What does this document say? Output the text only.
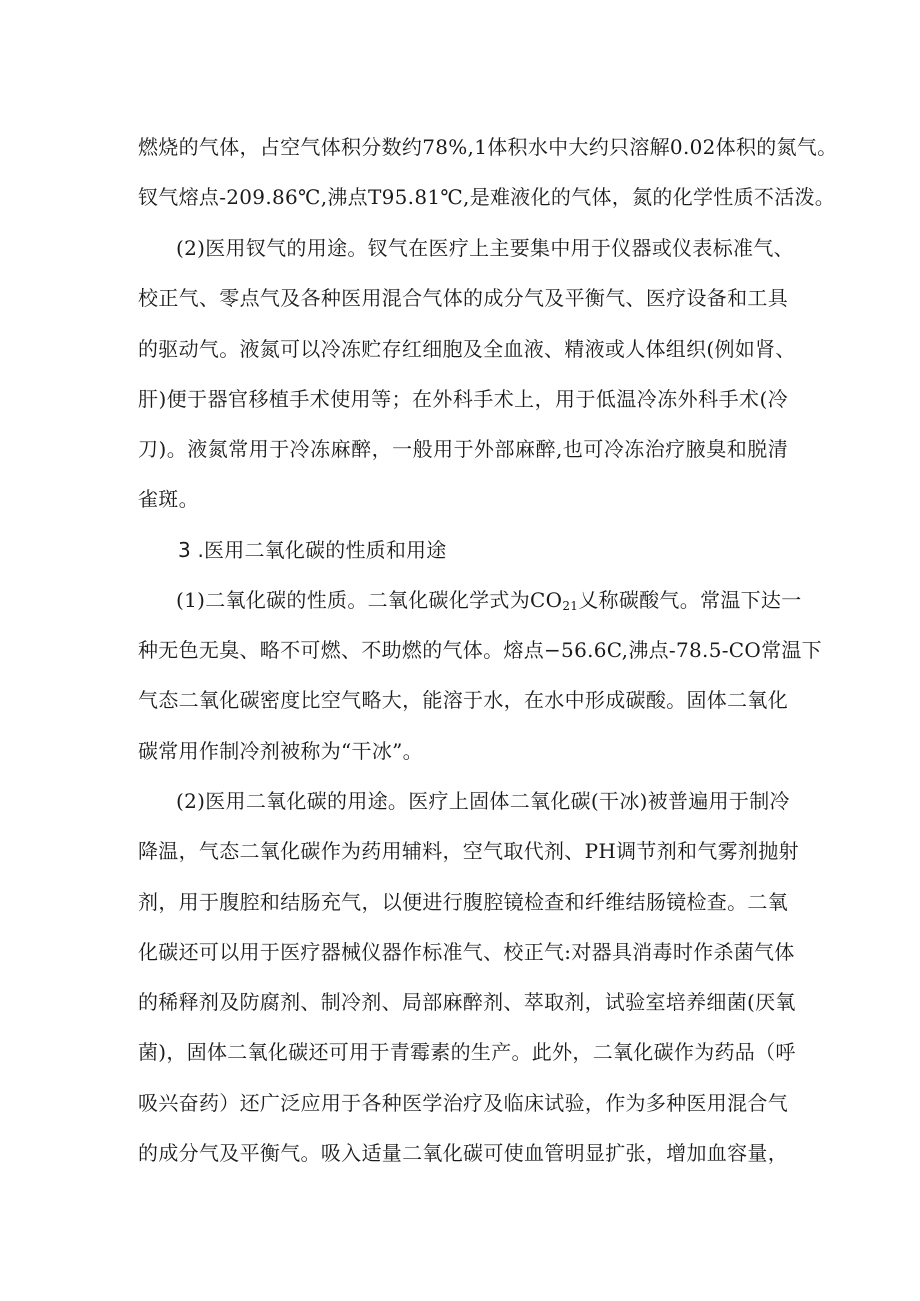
燃烧的气体，占空气体积分数约78%,1体积水中大约只溶解0.02体积的氮气。
钗气熔点-209.86℃,沸点T95.81℃,是难液化的气体，氮的化学性质不活泼。
(2)医用钗气的用途。钗气在医疗上主要集中用于仪器或仪表标准气、
校正气、零点气及各种医用混合气体的成分气及平衡气、医疗设备和工具
的驱动气。液氮可以冷冻贮存红细胞及全血液、精液或人体组织(例如肾、
肝)便于器官移植手术使用等；在外科手术上，用于低温冷冻外科手术(冷
刀)。液氮常用于冷冻麻醉，一般用于外部麻醉,也可冷冻治疗腋臭和脱清
雀斑。
3 .医用二氧化碳的性质和用途
(1)二氧化碳的性质。二氧化碳化学式为$CO_{21}$乂称碳酸气。常温下达一
种无色无臭、略不可燃、不助燃的气体。熔点−56.6C,沸点-78.5-CO常温下
气态二氧化碳密度比空气略大，能溶于水，在水中形成碳酸。固体二氧化
碳常用作制冷剂被称为“干冰”。
(2)医用二氧化碳的用途。医疗上固体二氧化碳(干冰)被普遍用于制冷
降温，气态二氧化碳作为药用辅料，空气取代剂、PH调节剂和气雾剂抛射
剂，用于腹腔和结肠充气，以便进行腹腔镜检查和纤维结肠镜检查。二氧
化碳还可以用于医疗器械仪器作标准气、校正气:对器具消毒时作杀菌气体
的稀释剂及防腐剂、制冷剂、局部麻醉剂、萃取剂，试验室培养细菌(厌氧
菌)，固体二氧化碳还可用于青霉素的生产。此外，二氧化碳作为药品（呼
吸兴奋药）还广泛应用于各种医学治疗及临床试验，作为多种医用混合气
的成分气及平衡气。吸入适量二氧化碳可使血管明显扩张，增加血容量，
